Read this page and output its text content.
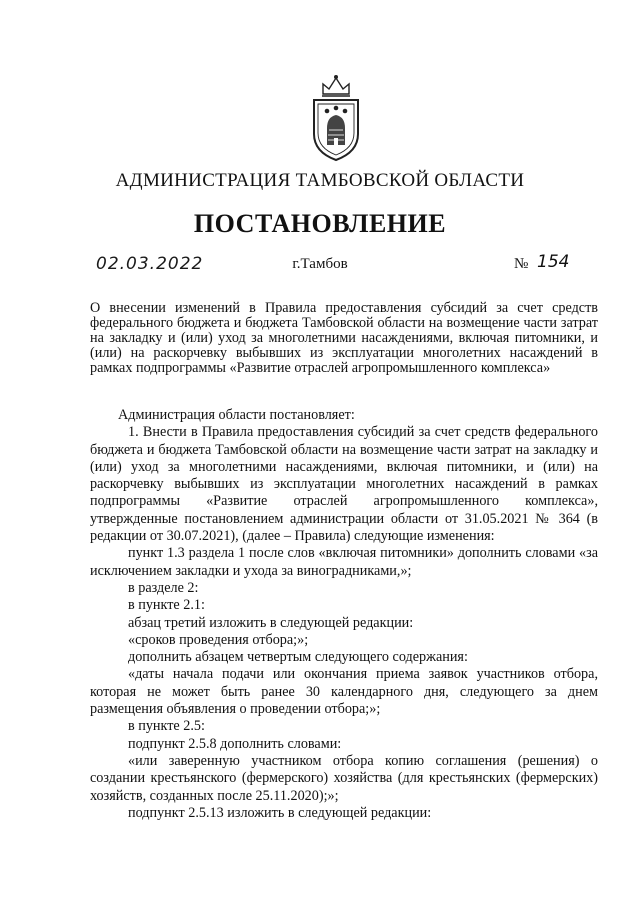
АДМИНИСТРАЦИЯ ТАМБОВСКОЙ ОБЛАСТИ
ПОСТАНОВЛЕНИЕ
02.03.2022	г.Тамбов	№ 154
О внесении изменений в Правила предоставления субсидий за счет средств федерального бюджета и бюджета Тамбовской области на возмещение части затрат на закладку и (или) уход за многолетними насаждениями, включая питомники, и (или) на раскорчевку выбывших из эксплуатации многолетних насаждений в рамках подпрограммы «Развитие отраслей агропромышленного комплекса»

Администрация области постановляет:

1. Внести в Правила предоставления субсидий за счет средств федерального бюджета и бюджета Тамбовской области на возмещение части затрат на закладку и (или) уход за многолетними насаждениями, включая питомники, и (или) на раскорчевку выбывших из эксплуатации многолетних насаждений в рамках подпрограммы «Развитие отраслей агропромышленного комплекса», утвержденные постановлением администрации области от 31.05.2021 № 364 (в редакции от 30.07.2021), (далее – Правила) следующие изменения:

пункт 1.3 раздела 1 после слов «включая питомники» дополнить словами «за исключением закладки и ухода за виноградниками,»;

в разделе 2:

в пункте 2.1:

абзац третий изложить в следующей редакции:

«сроков проведения отбора;»;

дополнить абзацем четвертым следующего содержания:

«даты начала подачи или окончания приема заявок участников отбора, которая не может быть ранее 30 календарного дня, следующего за днем размещения объявления о проведении отбора;»;

в пункте 2.5:

подпункт 2.5.8 дополнить словами:

«или заверенную участником отбора копию соглашения (решения) о создании крестьянского (фермерского) хозяйства (для крестьянских (фермерских) хозяйств, созданных после 25.11.2020);»;

подпункт 2.5.13 изложить в следующей редакции:
